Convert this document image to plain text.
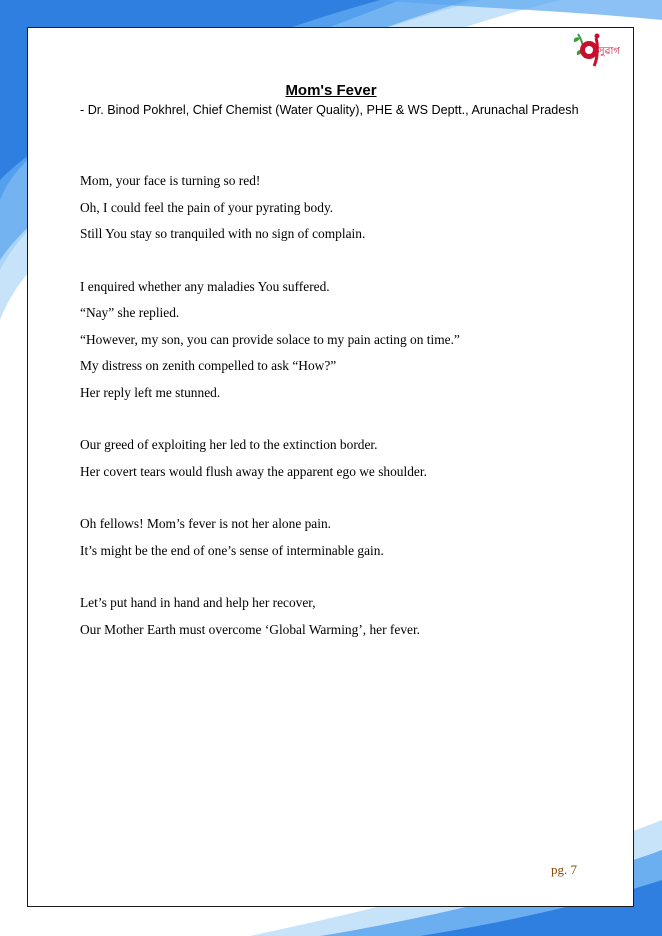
সুৱাগ
Mom's Fever
- Dr. Binod Pokhrel, Chief Chemist (Water Quality), PHE & WS Deptt., Arunachal Pradesh
Mom, your face is turning so red!
Oh, I could feel the pain of your pyrating body.
Still You stay so tranquiled with no sign of complain.
I enquired whether any maladies You suffered.
“Nay” she replied.
“However, my son, you can provide solace to my pain acting on time.”
My distress on zenith compelled to ask “How?”
Her reply left me stunned.
Our greed of exploiting her led to the extinction border.
Her covert tears would flush away the apparent ego we shoulder.
Oh fellows! Mom’s fever is not her alone pain.
It’s might be the end of one’s sense of interminable gain.
Let’s put hand in hand and help her recover,
Our Mother Earth must overcome ‘Global Warming’, her fever.
pg. 7
